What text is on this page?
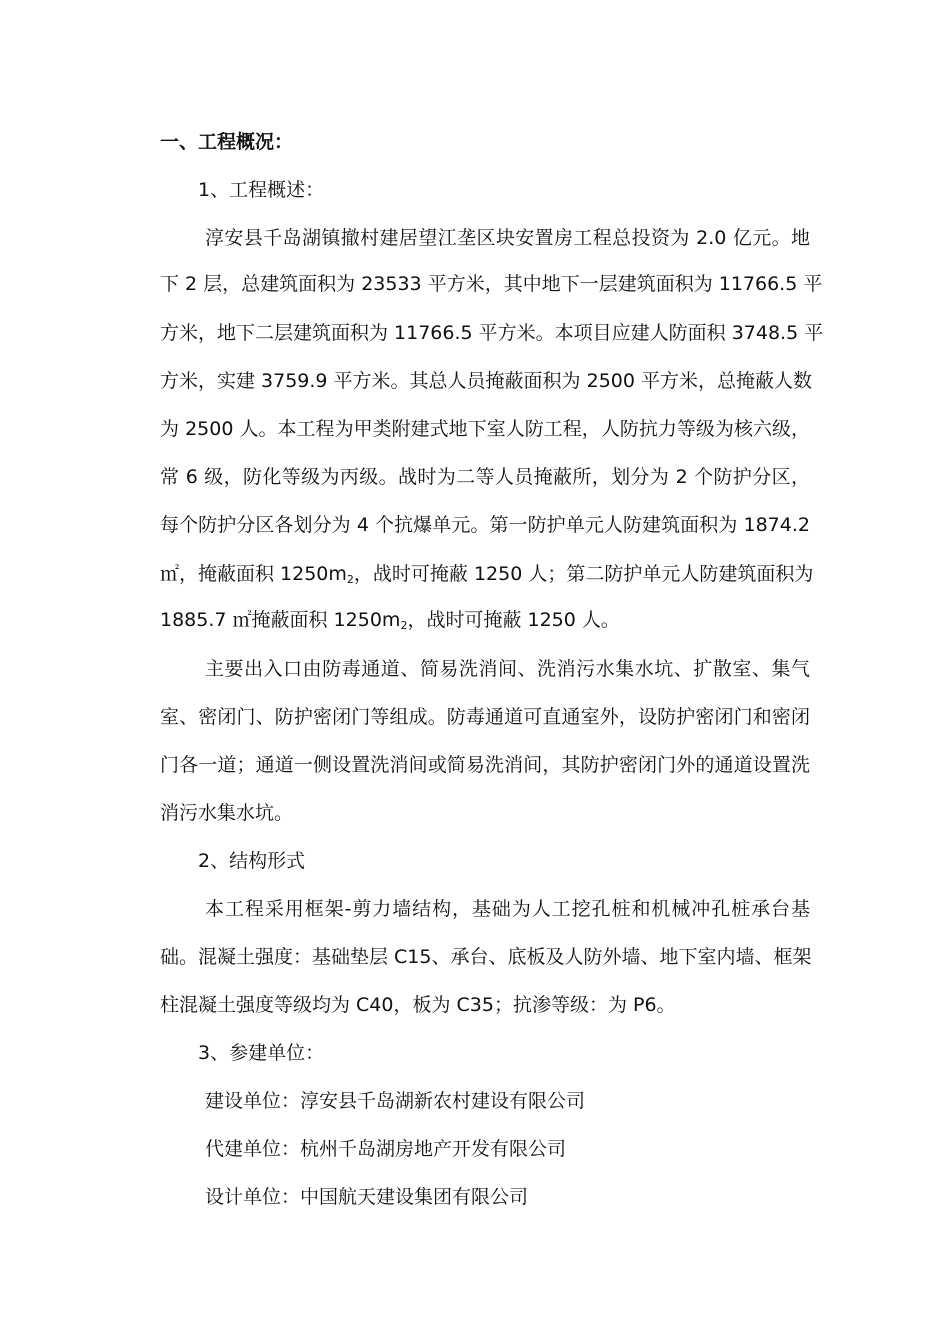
一、工程概况：
1、工程概述：
淳安县千岛湖镇撤村建居望江垄区块安置房工程总投资为 2.0 亿元。地
下 2 层，总建筑面积为 23533 平方米，其中地下一层建筑面积为 11766.5 平
方米，地下二层建筑面积为 11766.5 平方米。本项目应建人防面积 3748.5 平
方米，实建 3759.9 平方米。其总人员掩蔽面积为 2500 平方米，总掩蔽人数
为 2500 人。本工程为甲类附建式地下室人防工程，人防抗力等级为核六级，
常 6 级，防化等级为丙级。战时为二等人员掩蔽所，划分为 2 个防护分区，
每个防护分区各划分为 4 个抗爆单元。第一防护单元人防建筑面积为 1874.2
㎡，掩蔽面积 1250m2，战时可掩蔽 1250 人；第二防护单元人防建筑面积为
1885.7 ㎡掩蔽面积 1250m2，战时可掩蔽 1250 人。
主要出入口由防毒通道、简易洗消间、洗消污水集水坑、扩散室、集气
室、密闭门、防护密闭门等组成。防毒通道可直通室外，设防护密闭门和密闭
门各一道；通道一侧设置洗消间或简易洗消间，其防护密闭门外的通道设置洗
消污水集水坑。
2、结构形式
本工程采用框架-剪力墙结构，基础为人工挖孔桩和机械冲孔桩承台基
础。混凝土强度：基础垫层 C15、承台、底板及人防外墙、地下室内墙、框架
柱混凝土强度等级均为 C40，板为 C35；抗渗等级：为 P6。
3、参建单位：
建设单位：淳安县千岛湖新农村建设有限公司
代建单位：杭州千岛湖房地产开发有限公司
设计单位：中国航天建设集团有限公司
